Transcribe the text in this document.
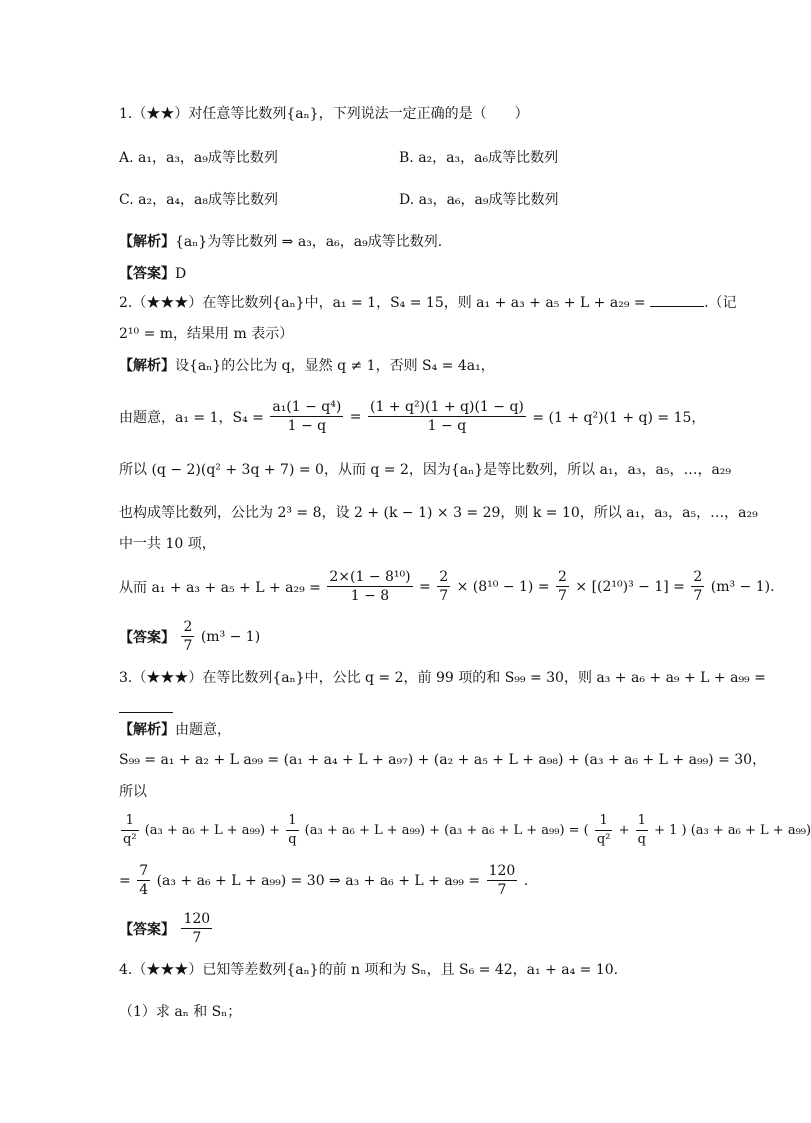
1.（★★）对任意等比数列{aₙ}，下列说法一定正确的是（　　）
A. a₁，a₃，a₉成等比数列	B. a₂，a₃，a₆成等比数列
C. a₂，a₄，a₈成等比数列	D. a₃，a₆，a₉成等比数列
【解析】{aₙ}为等比数列 ⇒ a₃，a₆，a₉成等比数列.
【答案】D
2.（★★★）在等比数列{aₙ}中，a₁ = 1，S₄ = 15，则 a₁ + a₃ + a₅ + L + a₂₉ =	.（记
2¹⁰ = m，结果用 m 表示）
【解析】设{aₙ}的公比为 q，显然 q ≠ 1，否则 S₄ = 4a₁，
由题意，a₁ = 1，$S_4 = \frac{\text{a₁(1 − q⁴)}}{1 - q} = \frac{\text{(1 + q²)(1 + q)(1 − q)}}{1 - q} = (1 + q^2)(1 + q) = 15$，
所以 (q − 2)(q² + 3q + 7) = 0，从而 q = 2，因为{aₙ}是等比数列，所以 a₁，a₃，a₅，…，a₂₉
也构成等比数列，公比为 2³ = 8，设 2 + (k − 1) × 3 = 29，则 k = 10，所以 a₁，a₃，a₅，…，a₂₉
中一共 10 项，
从而 $a_1 + a_3 + a_5 + L + a_{29} = \frac{\text{2×(1 − 8¹⁰)}}{1 - 8} = \frac{2}{7} \times (8^{10} - 1) = \frac{2}{7} \times [(2^{10})^3 - 1] = \frac{2}{7} (m^3 - 1)$.
【答案】 $\frac{2}{7} (m^3 - 1)$
3.（★★★）在等比数列{aₙ}中，公比 q = 2，前 99 项的和 S₉₉ = 30，则 a₃ + a₆ + a₉ + L + a₉₉ =
【解析】由题意，
S₉₉ = a₁ + a₂ + L a₉₉ = (a₁ + a₄ + L + a₉₇) + (a₂ + a₅ + L + a₉₈) + (a₃ + a₆ + L + a₉₉) = 30，
所以
$\frac{1}{\text{q²}} (a_3 + a_6 + L + a_{99}) + \frac{1}{q} (a_3 + a_6 + L + a_{99}) + (a_3 + a_6 + L + a_{99})$ = ( $\frac{1}{\text{q²}} + \frac{1}{q} + 1$ ) (a₃ + a₆ + L + a₉₉)
= $\frac{7}{4} (a_3 + a_6 + L + a_{99}) = 30$ ⇒ $a_3 + a_6 + L + a_{99} = \frac{120}{7}$ .
【答案】 $\frac{120}{7}$
4.（★★★）已知等差数列{aₙ}的前 n 项和为 Sₙ，且 S₆ = 42，a₁ + a₄ = 10.
（1）求 aₙ 和 Sₙ；
